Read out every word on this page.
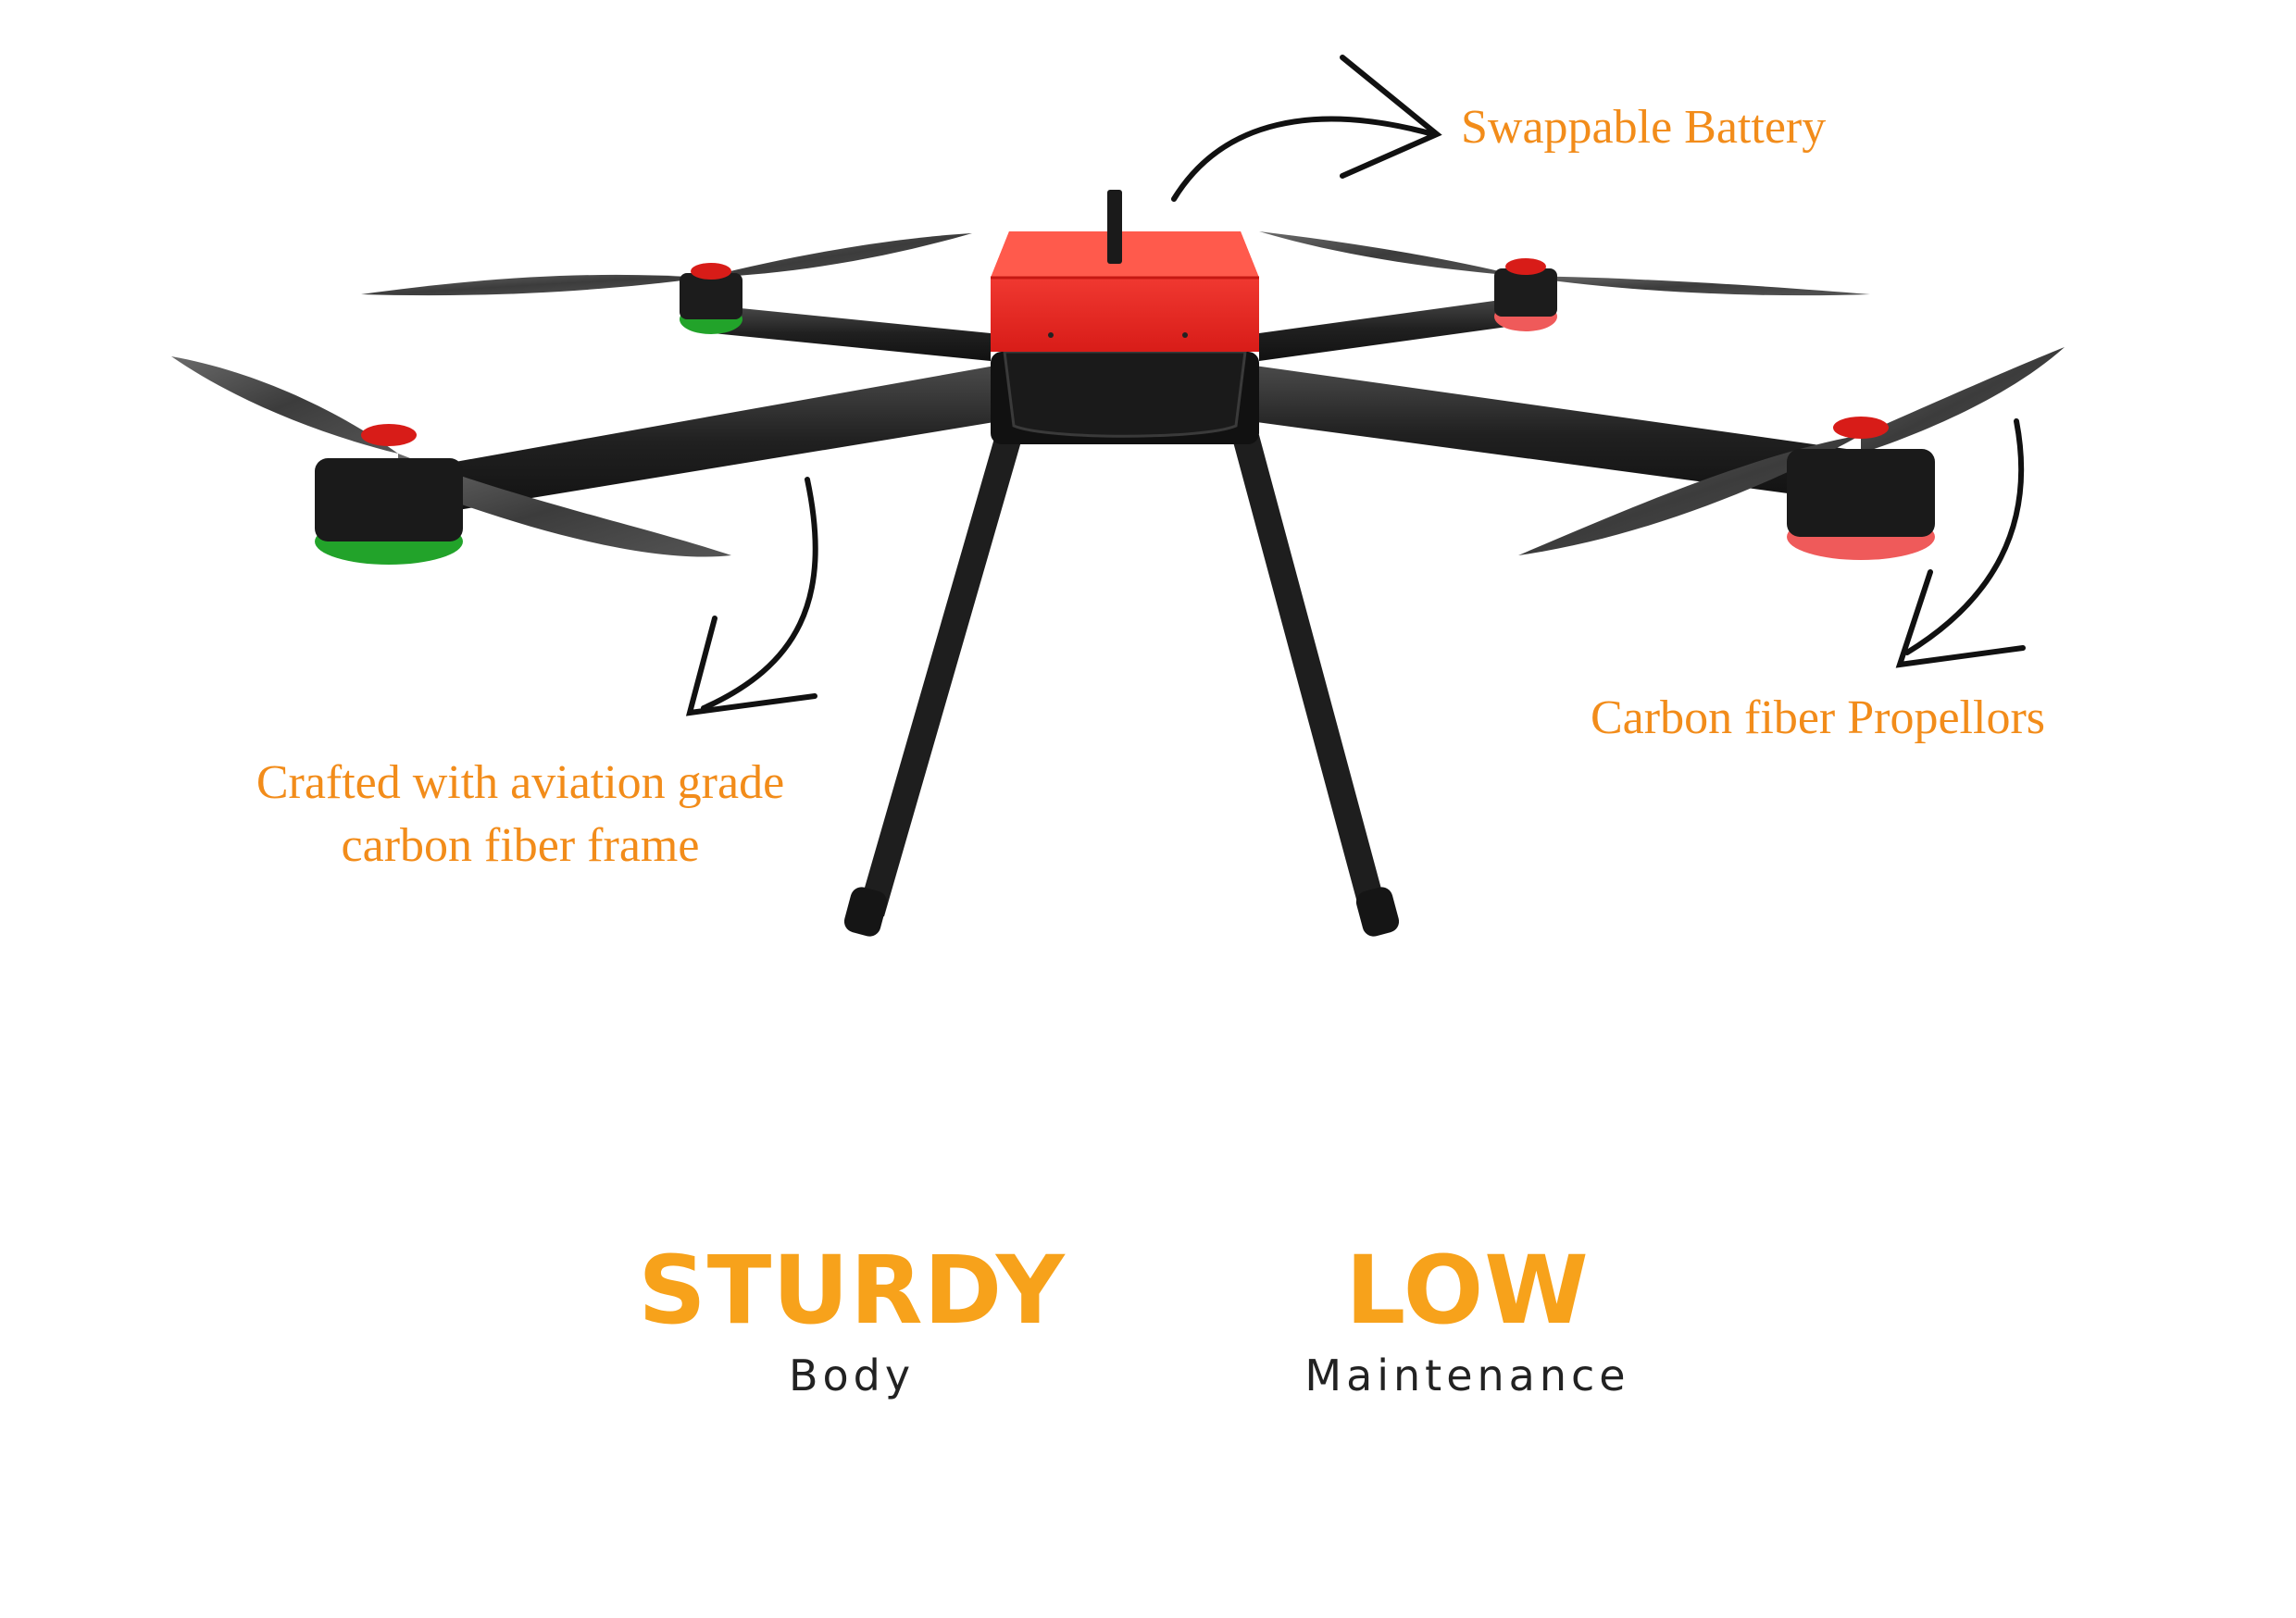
Swappable Battery
Carbon fiber Propellors
Crafted with aviation grade
carbon fiber frame
STURDY
Body
LOW
Maintenance
